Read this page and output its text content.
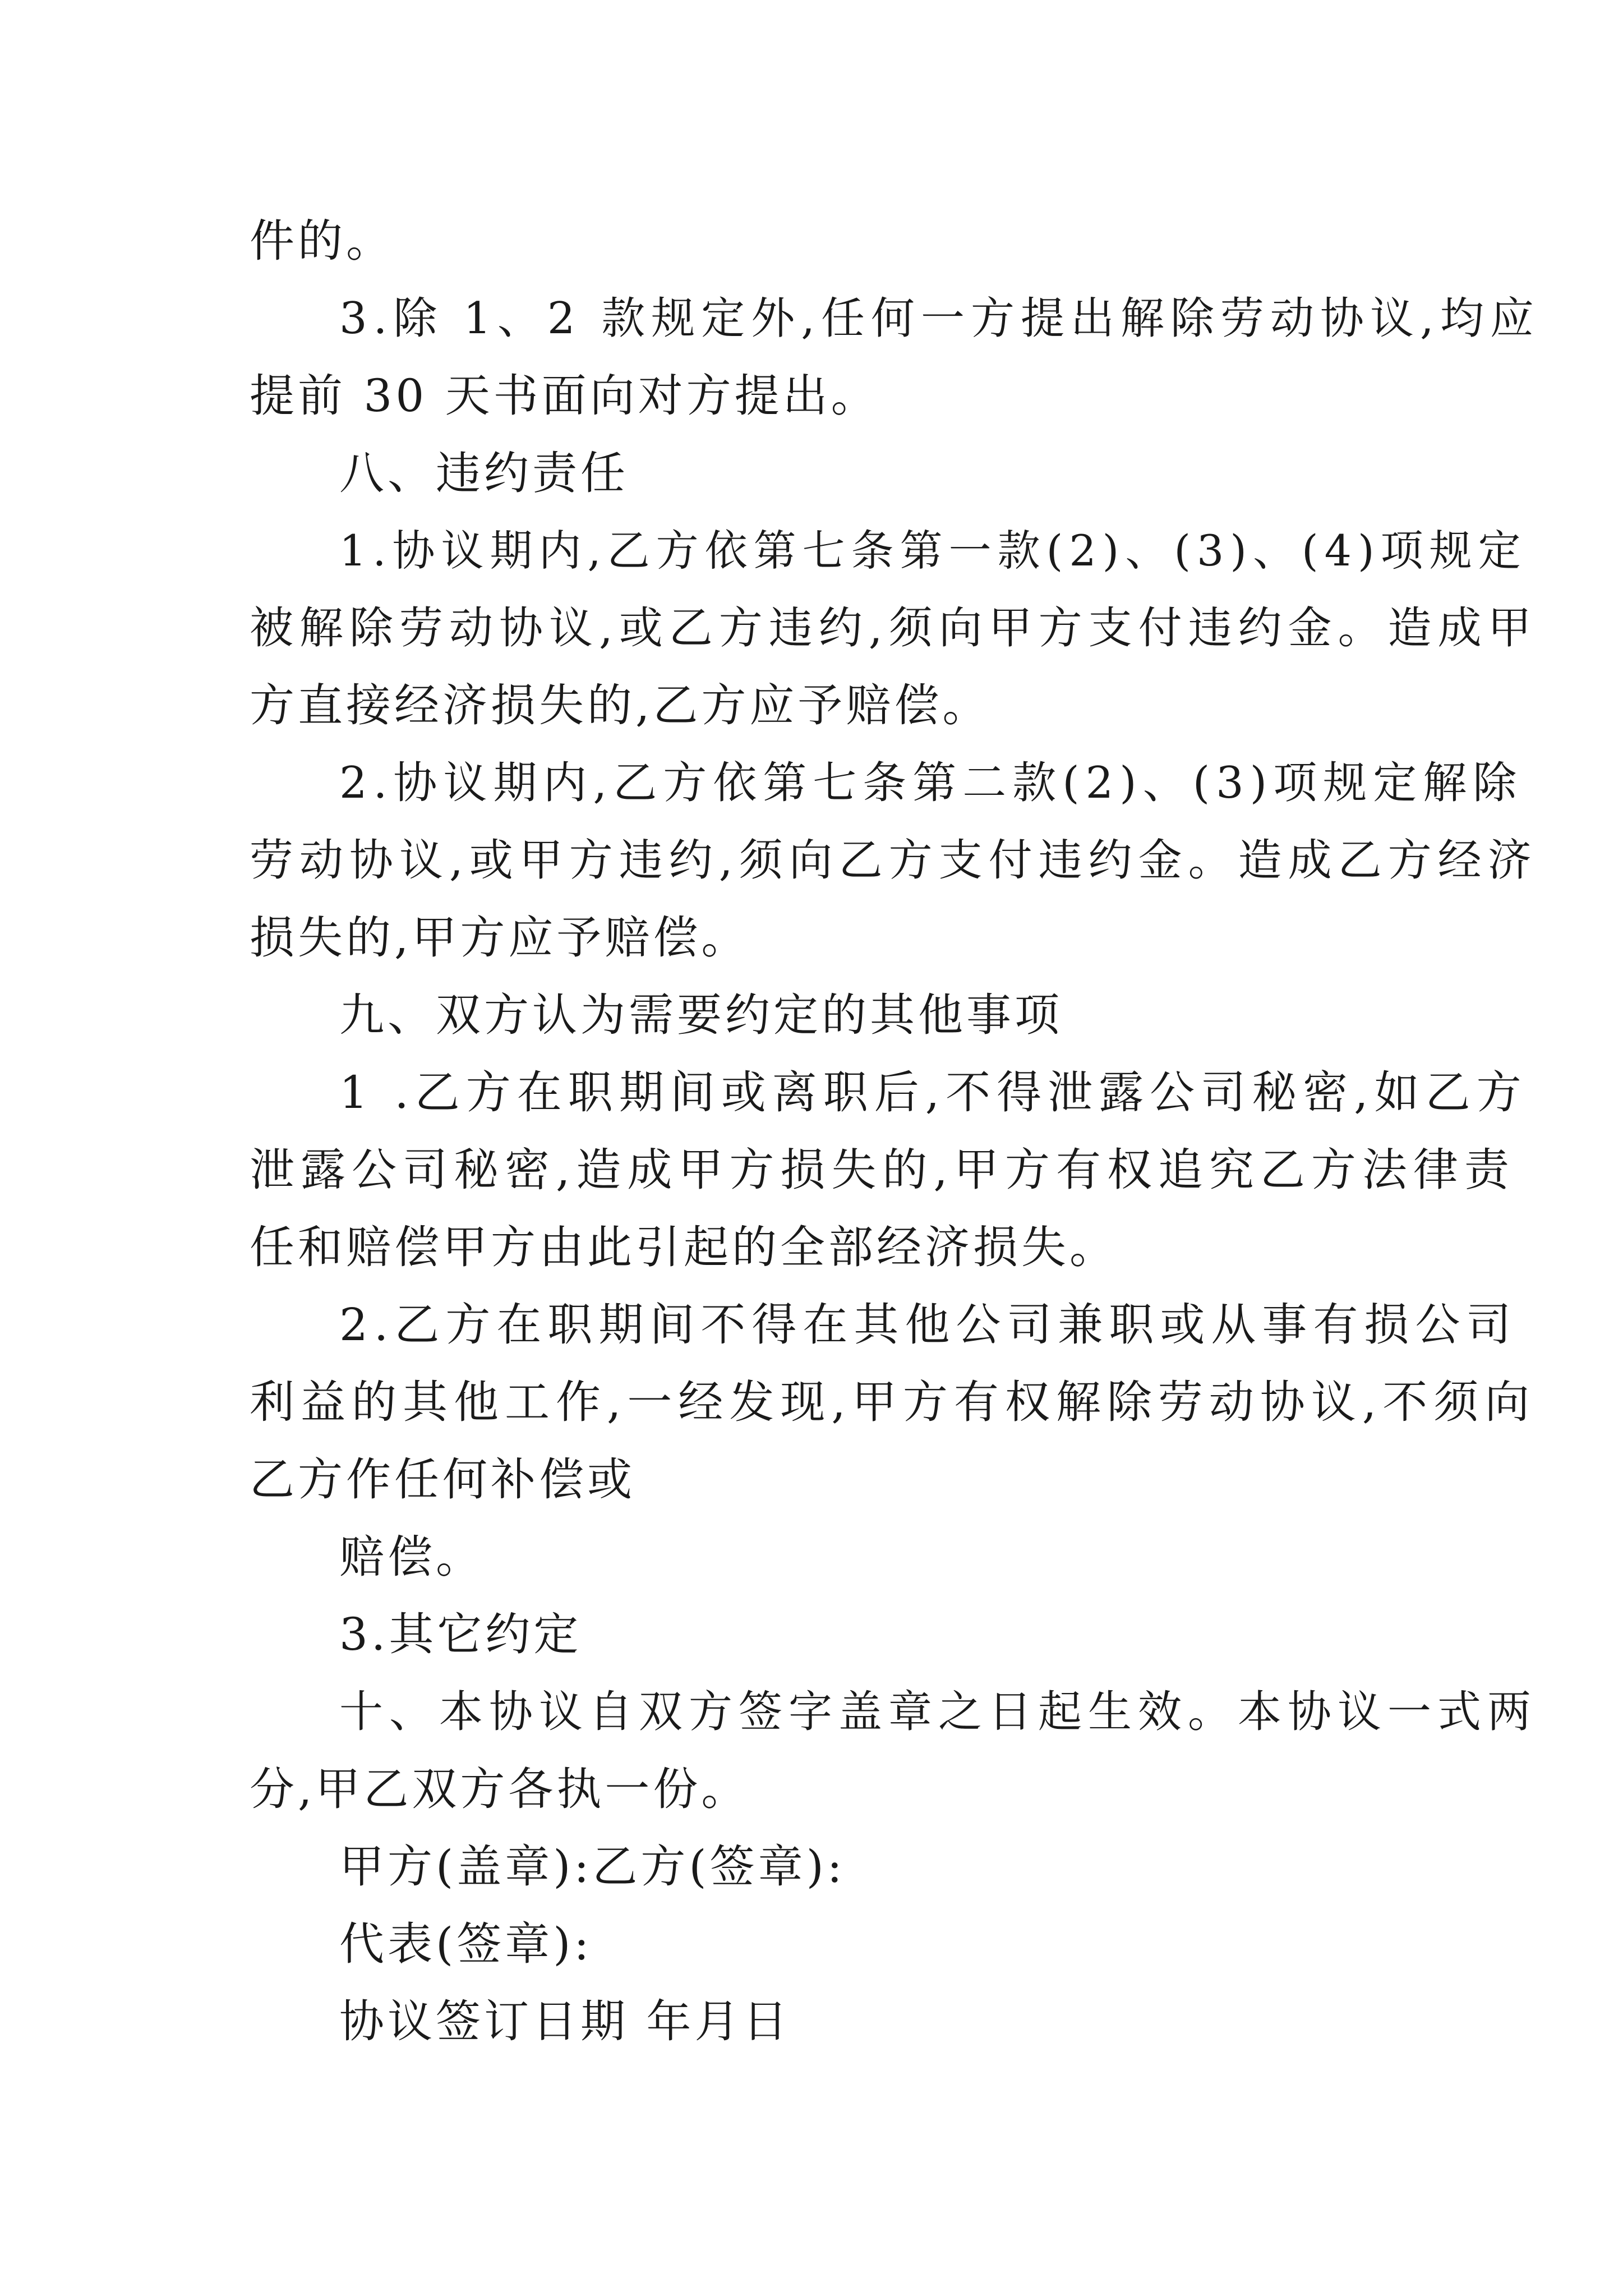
件的。
3.除 1、2 款规定外,任何一方提出解除劳动协议,均应
提前 30 天书面向对方提出。
八、违约责任
1.协议期内,乙方依第七条第一款(2)、(3)、(4)项规定
被解除劳动协议,或乙方违约,须向甲方支付违约金。造成甲
方直接经济损失的,乙方应予赔偿。
2.协议期内,乙方依第七条第二款(2)、(3)项规定解除
劳动协议,或甲方违约,须向乙方支付违约金。造成乙方经济
损失的,甲方应予赔偿。
九、双方认为需要约定的其他事项
1 .乙方在职期间或离职后,不得泄露公司秘密,如乙方
泄露公司秘密,造成甲方损失的,甲方有权追究乙方法律责
任和赔偿甲方由此引起的全部经济损失。
2.乙方在职期间不得在其他公司兼职或从事有损公司
利益的其他工作,一经发现,甲方有权解除劳动协议,不须向
乙方作任何补偿或
赔偿。
3.其它约定
十、本协议自双方签字盖章之日起生效。本协议一式两
分,甲乙双方各执一份。
甲方(盖章):乙方(签章):
代表(签章):
协议签订日期 年月日
